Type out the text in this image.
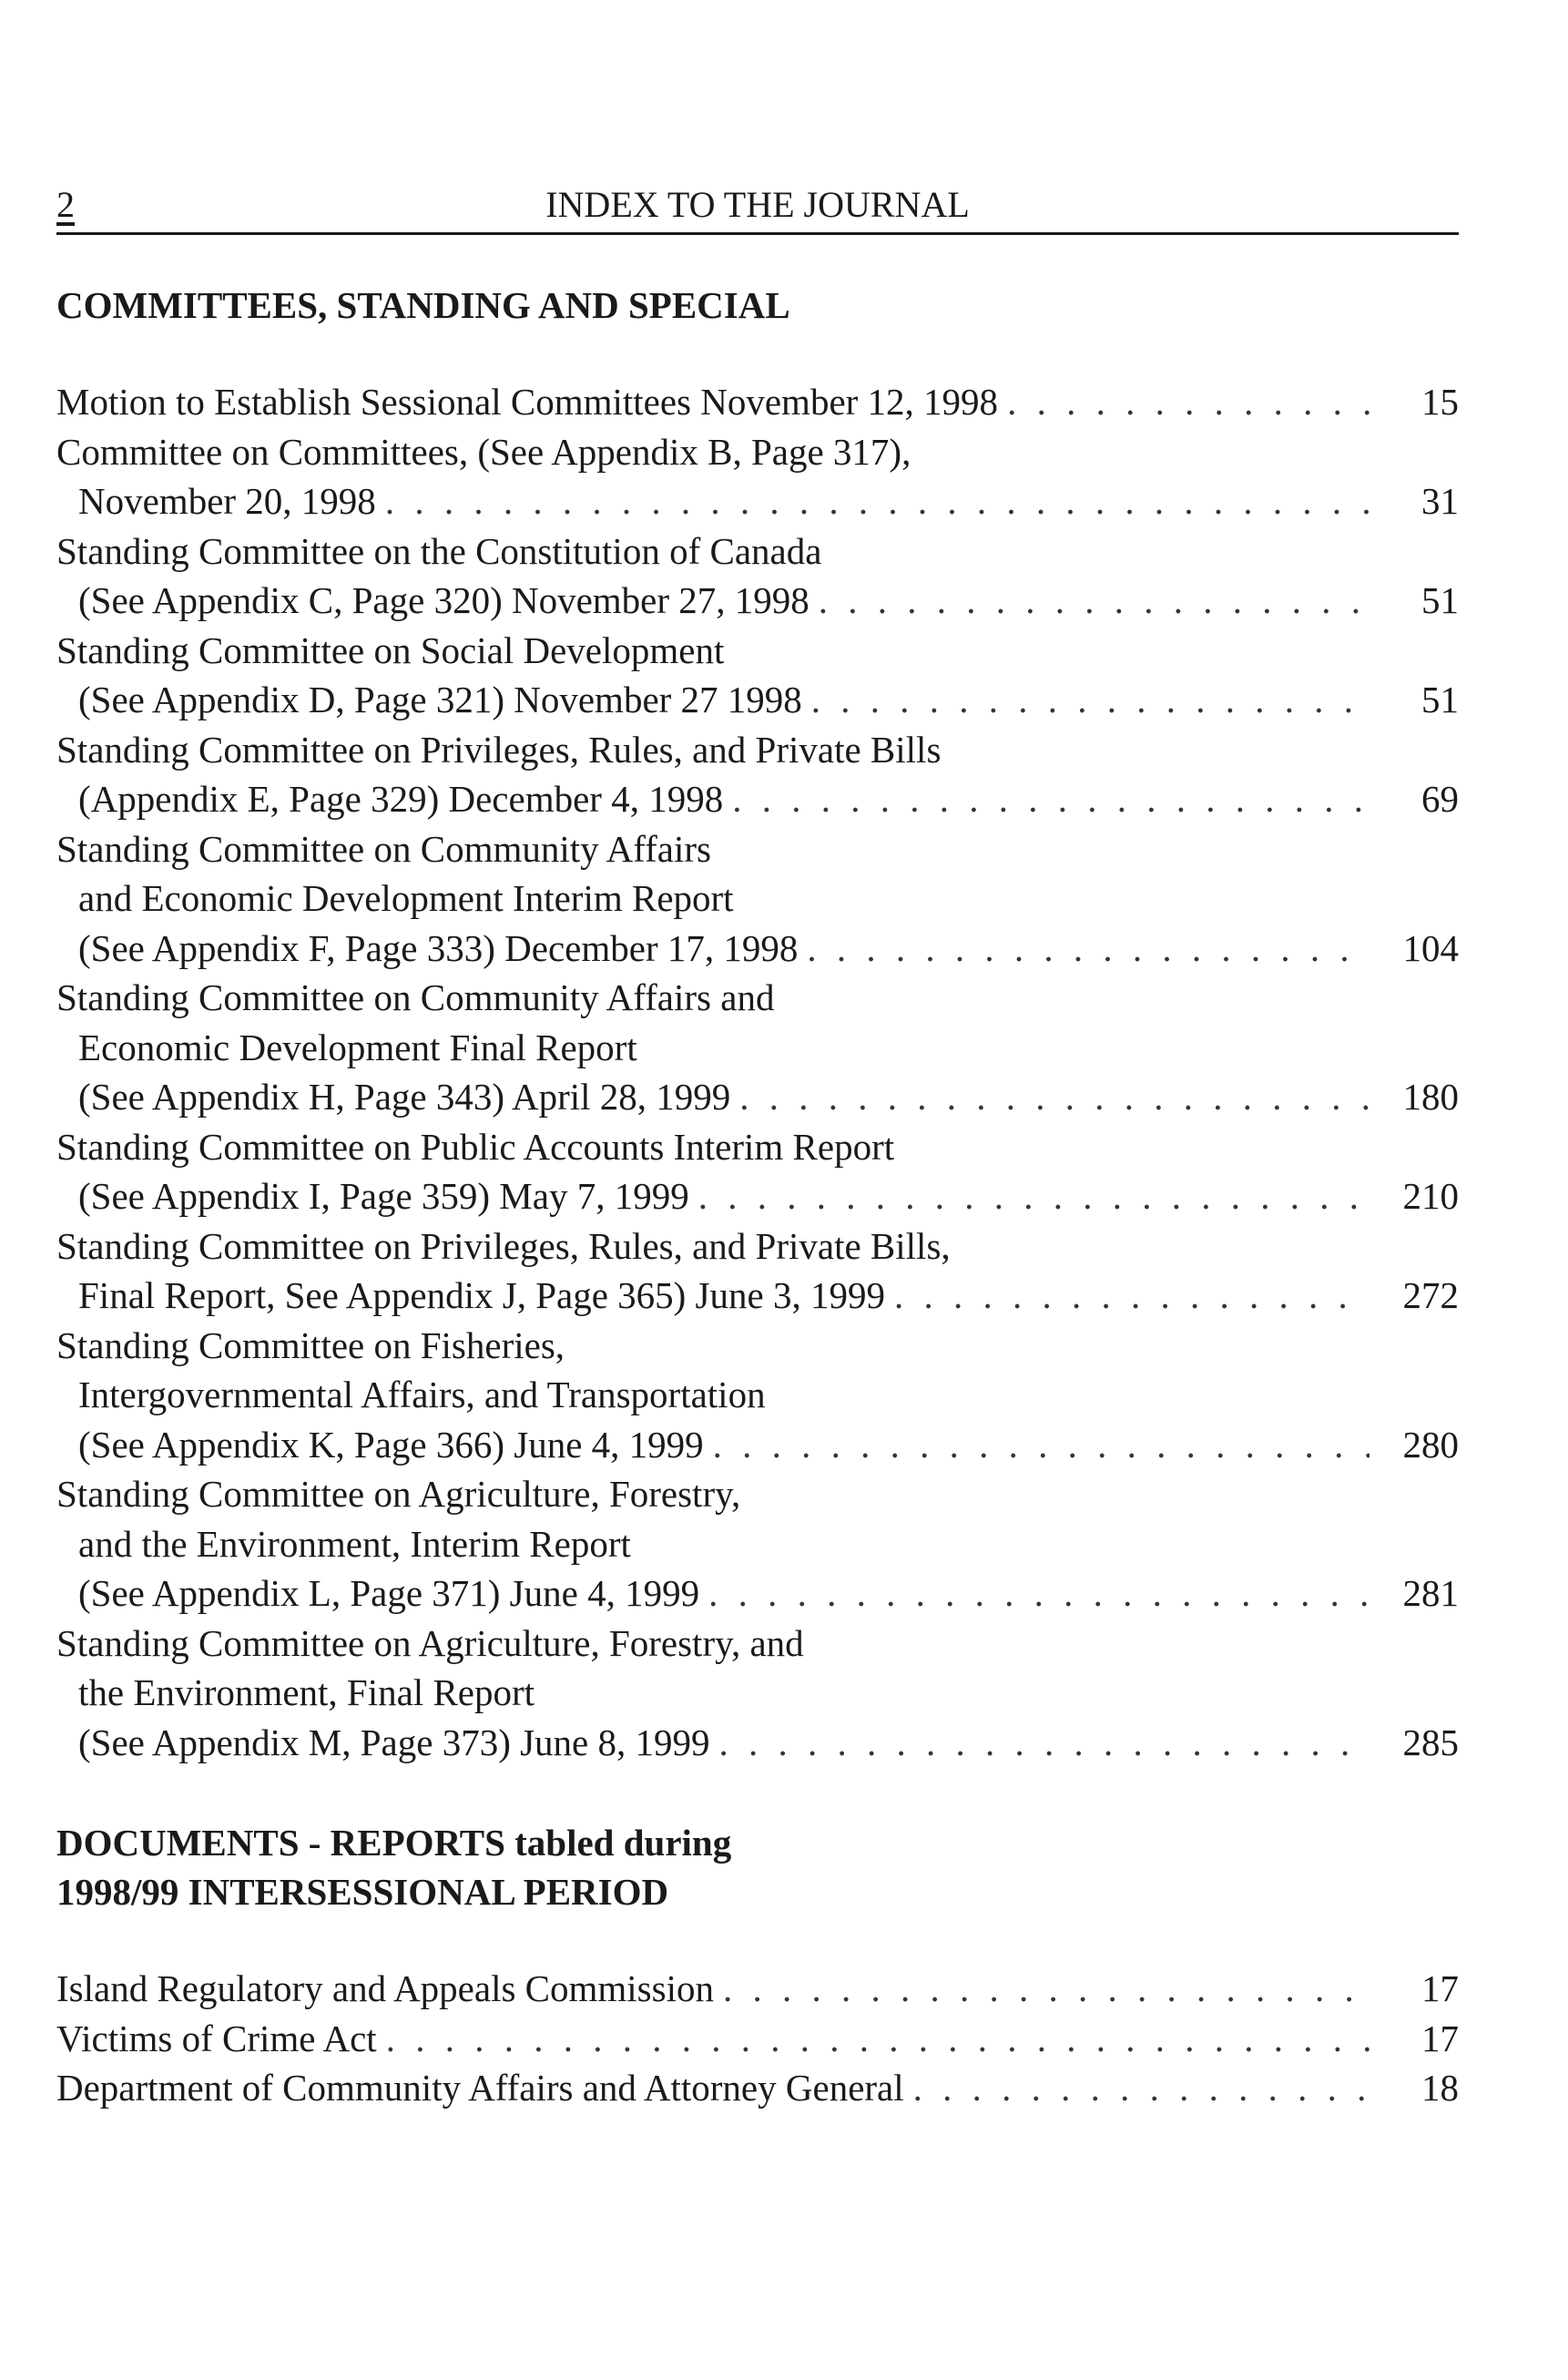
2	INDEX TO THE JOURNAL
COMMITTEES, STANDING AND SPECIAL
Motion to Establish Sessional Committees November 12, 1998 . . .	15
Committee on Committees, (See Appendix B, Page 317),
November 20, 1998 . . .	31
Standing Committee on the Constitution of Canada
(See Appendix C, Page 320) November 27, 1998 . . .	51
Standing Committee on Social Development
(See Appendix D, Page 321) November 27 1998 . . .	51
Standing Committee on Privileges, Rules, and Private Bills
(Appendix E, Page 329) December 4, 1998 . . .	69
Standing Committee on Community Affairs
and Economic Development Interim Report
(See Appendix F, Page 333) December 17, 1998 . . .	104
Standing Committee on Community Affairs and
Economic Development Final Report
(See Appendix H, Page 343) April 28, 1999 . . .	180
Standing Committee on Public Accounts Interim Report
(See Appendix I, Page 359) May 7, 1999 . . .	210
Standing Committee on Privileges, Rules, and Private Bills,
Final Report, See Appendix J, Page 365) June 3, 1999 . . .	272
Standing Committee on Fisheries,
Intergovernmental Affairs, and Transportation
(See Appendix K, Page 366) June 4, 1999 . . .	280
Standing Committee on Agriculture, Forestry,
and the Environment, Interim Report
(See Appendix L, Page 371) June 4, 1999 . . .	281
Standing Committee on Agriculture, Forestry, and
the Environment, Final Report
(See Appendix M, Page 373) June 8, 1999 . . .	285
DOCUMENTS - REPORTS tabled during
1998/99 INTERSESSIONAL PERIOD
Island Regulatory and Appeals Commission . . .	17
Victims of Crime Act . . .	17
Department of Community Affairs and Attorney General . . .	18
